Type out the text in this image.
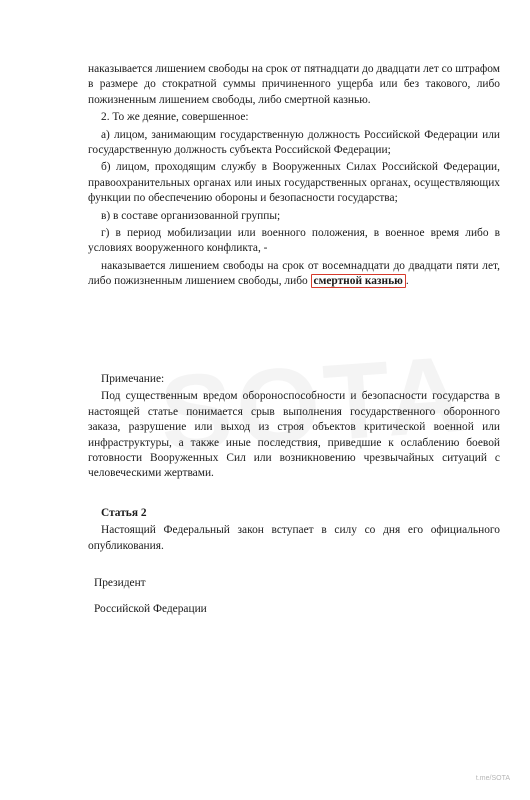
наказывается лишением свободы на срок от пятнадцати до двадцати лет со штрафом в размере до стократной суммы причиненного ущерба или без такового, либо пожизненным лишением свободы, либо смертной казнью.

2. То же деяние, совершенное:

а) лицом, занимающим государственную должность Российской Федерации или государственную должность субъекта Российской Федерации;

б) лицом, проходящим службу в Вооруженных Силах Российской Федерации, правоохранительных органах или иных государственных органах, осуществляющих функции по обеспечению обороны и безопасности государства;

в) в составе организованной группы;

г) в период мобилизации или военного положения, в военное время либо в условиях вооруженного конфликта, -

наказывается лишением свободы на срок от восемнадцати до двадцати пяти лет, либо пожизненным лишением свободы, либо смертной казнью .

Примечание:

Под существенным вредом обороноспособности и безопасности государства в настоящей статье понимается срыв выполнения государственного оборонного заказа, разрушение или выход из строя объектов критической военной или инфраструктуры, а также иные последствия, приведшие к ослаблению боевой готовности Вооруженных Сил или возникновению чрезвычайных ситуаций с человеческими жертвами.

Статья 2

Настоящий Федеральный закон вступает в силу со дня его официального опубликования.

Президент

Российской Федерации

t.me/SOTA
